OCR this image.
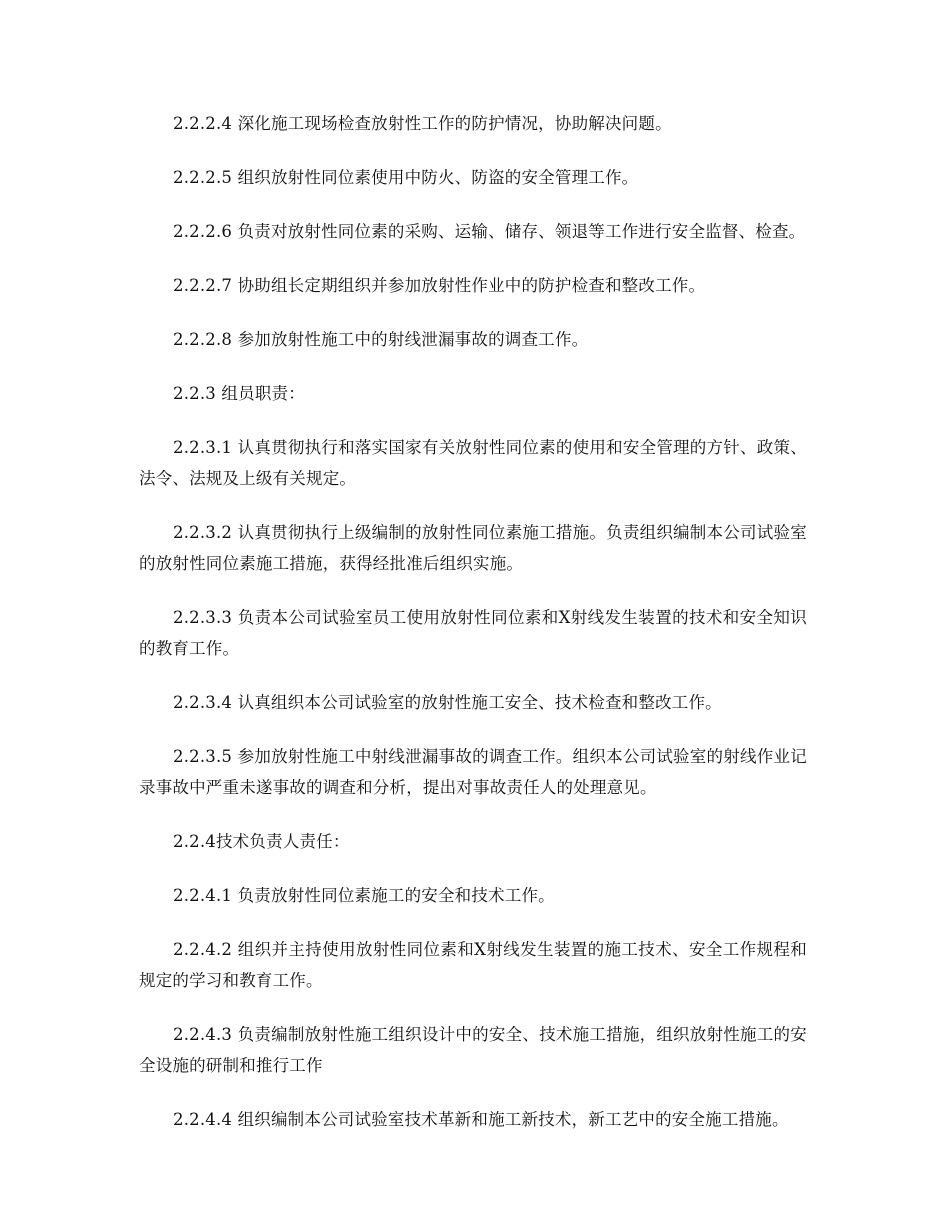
2.2.2.4 深化施工现场检查放射性工作的防护情况，协助解决问题。

2.2.2.5 组织放射性同位素使用中防火、防盗的安全管理工作。

2.2.2.6 负责对放射性同位素的采购、运输、储存、领退等工作进行安全监督、检查。

2.2.2.7 协助组长定期组织并参加放射性作业中的防护检查和整改工作。

2.2.2.8 参加放射性施工中的射线泄漏事故的调查工作。

2.2.3 组员职责：

2.2.3.1 认真贯彻执行和落实国家有关放射性同位素的使用和安全管理的方针、政策、法令、法规及上级有关规定。

2.2.3.2 认真贯彻执行上级编制的放射性同位素施工措施。负责组织编制本公司试验室的放射性同位素施工措施，获得经批准后组织实施。

2.2.3.3 负责本公司试验室员工使用放射性同位素和X射线发生装置的技术和安全知识的教育工作。

2.2.3.4 认真组织本公司试验室的放射性施工安全、技术检查和整改工作。

2.2.3.5 参加放射性施工中射线泄漏事故的调查工作。组织本公司试验室的射线作业记录事故中严重未遂事故的调查和分析，提出对事故责任人的处理意见。

2.2.4技术负责人责任：

2.2.4.1 负责放射性同位素施工的安全和技术工作。

2.2.4.2 组织并主持使用放射性同位素和X射线发生装置的施工技术、安全工作规程和规定的学习和教育工作。

2.2.4.3 负责编制放射性施工组织设计中的安全、技术施工措施，组织放射性施工的安全设施的研制和推行工作

2.2.4.4 组织编制本公司试验室技术革新和施工新技术，新工艺中的安全施工措施。
